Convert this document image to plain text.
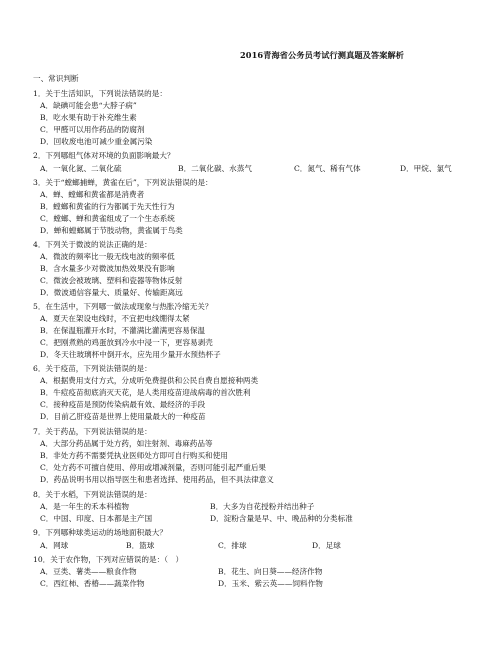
2016青海省公务员考试行测真题及答案解析
一、常识判断
1．关于生活知识，下列说法错误的是：
A．缺碘可能会患“大脖子病”
B．吃水果有助于补充维生素
C．甲醛可以用作药品的防腐剂
D．回收废电池可减少重金属污染
2．下列哪组气体对环境的负面影响最大？
A．一氧化氮、二氧化硫	B．二氧化碳、水蒸气	C．氮气、稀有气体	D．甲烷、氯气
3．关于“螳螂捕蝉，黄雀在后”，下列说法错误的是：
A．蝉、螳螂和黄雀都是消费者
B．螳螂和黄雀的行为都属于先天性行为
C．螳螂、蝉和黄雀组成了一个生态系统
D．蝉和螳螂属于节肢动物，黄雀属于鸟类
4．下列关于微波的说法正确的是：
A．微波的频率比一般无线电波的频率低
B．含水量多少对微波加热效果没有影响
C．微波会被玻璃、塑料和瓷器等物体反射
D．微波通信容量大、质量好、传输距离远
5．在生活中，下列哪一做法或现象与热胀冷缩无关？
A．夏天在架设电线时，不宜把电线绷得太紧
B．在保温瓶灌开水时，不灌满比灌满更容易保温
C．把刚煮熟的鸡蛋放到冷水中浸一下，更容易剥壳
D．冬天往玻璃杯中倒开水，应先用少量开水预热杯子
6．关于疫苗，下列说法错误的是：
A．根据费用支付方式，分成听免费提供和公民自费自愿接种两类
B．牛痘疫苗彻底消灭天花，是人类用疫苗迎战病毒的首次胜利
C．接种疫苗是预防传染病最有效、最经济的手段
D．目前乙肝疫苗是世界上使用量最大的一种疫苗
7．关于药品，下列说法错误的是：
A．大部分药品属于处方药，如注射剂、毒麻药品等
B．非处方药不需要凭执业医师处方即可自行购买和使用
C．处方药不可擅自使用、停用或增减剂量，否则可能引起严重后果
D．药品说明书用以指导医生和患者选择、使用药品，但不具法律意义
8．关于水稻，下列说法错误的是：
A．是一年生的禾本科植物	B．大多为自花授粉并结出种子
C．中国、印度、日本都是主产国	D．淀粉含量是早、中、晚品种的分类标准
9．下列哪种球类运动的场地面积最大？
A．网球	B．篮球	C．排球	D．足球
10．关于农作物，下列对应错误的是：（　）
A．豆类、薯类——粮食作物	B．花生、向日葵——经济作物
C．西红柿、香椿——蔬菜作物	D．玉米、紫云英——饲料作物
